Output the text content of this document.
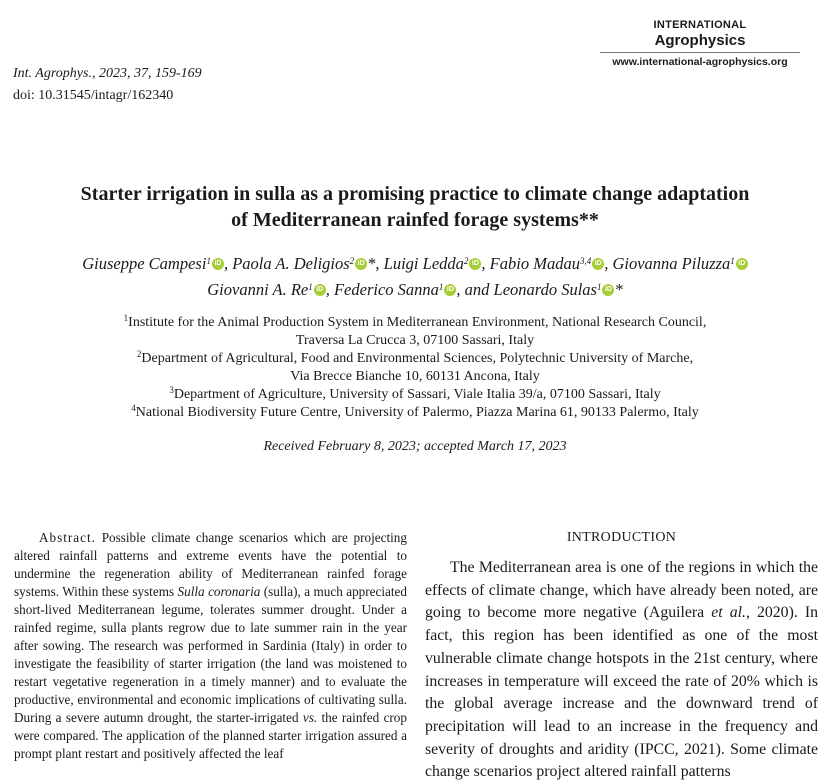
INTERNATIONAL
Agrophysics
www.international-agrophysics.org
Int. Agrophys., 2023, 37, 159-169
doi: 10.31545/intagr/162340
Starter irrigation in sulla as a promising practice to climate change adaptation
of Mediterranean rainfed forage systems**
Giuseppe Campesi$^1$ iD , Paola A. Deligios$^2$ iD *, Luigi Ledda$^2$ iD , Fabio Madau$^{3,4}$ iD , Giovanna Piluzza$^1$iD
Giovanni A. Re$^1$ iD , Federico Sanna$^1$ iD , and Leonardo Sulas$^1$ iD *
$^1$Institute for the Animal Production System in Mediterranean Environment, National Research Council,
Traversa La Crucca 3, 07100 Sassari, Italy
$^2$Department of Agricultural, Food and Environmental Sciences, Polytechnic University of Marche,
Via Brecce Bianche 10, 60131 Ancona, Italy
$^3$Department of Agriculture, University of Sassari, Viale Italia 39/a, 07100 Sassari, Italy
$^4$National Biodiversity Future Centre, University of Palermo, Piazza Marina 61, 90133 Palermo, Italy
Received February 8, 2023; accepted March 17, 2023
Abstract. Possible climate change scenarios which are projecting altered rainfall patterns and extreme events have the potential to undermine the regeneration ability of Mediterranean rainfed forage systems. Within these systems Sulla coronaria (sulla), a much appreciated short-lived Mediterranean legume, tolerates summer drought. Under a rainfed regime, sulla plants regrow due to late summer rain in the year after sowing. The research was performed in Sardinia (Italy) in order to investigate the feasibility of starter irrigation (the land was moistened to restart vegetative regeneration in a timely manner) and to evaluate the productive, environmental and economic implications of cultivating sulla. During a severe autumn drought, the starter-irrigated vs. the rainfed crop were compared. The application of the planned starter irrigation assured a prompt plant restart and positively affected the leaf
INTRODUCTION
The Mediterranean area is one of the regions in which the effects of climate change, which have already been noted, are going to become more negative (Aguilera et al., 2020). In fact, this region has been identified as one of the most vulnerable climate change hotspots in the 21st century, where increases in temperature will exceed the rate of 20% which is the global average increase and the downward trend of precipitation will lead to an increase in the frequency and severity of droughts and aridity (IPCC, 2021). Some climate change scenarios project altered rainfall patterns
